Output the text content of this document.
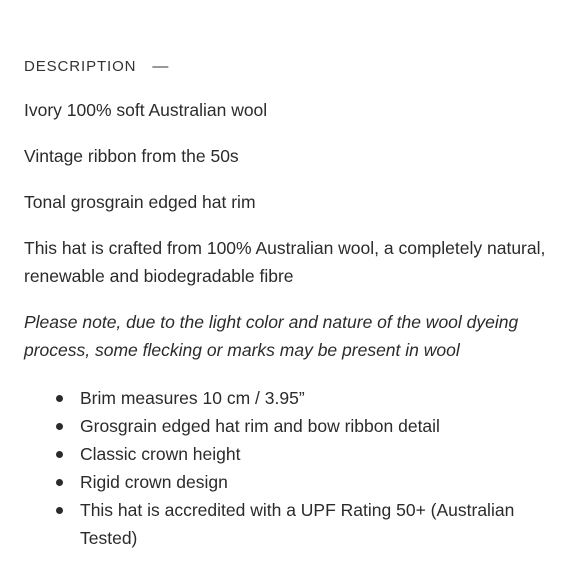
DESCRIPTION —

Ivory 100% soft Australian wool

Vintage ribbon from the 50s

Tonal grosgrain edged hat rim

This hat is crafted from 100% Australian wool, a completely natural, renewable and biodegradable fibre

Please note, due to the light color and nature of the wool dyeing process, some flecking or marks may be present in wool

Brim measures 10 cm / 3.95”
Grosgrain edged hat rim and bow ribbon detail
Classic crown height
Rigid crown design
This hat is accredited with a UPF Rating 50+ (Australian Tested)
